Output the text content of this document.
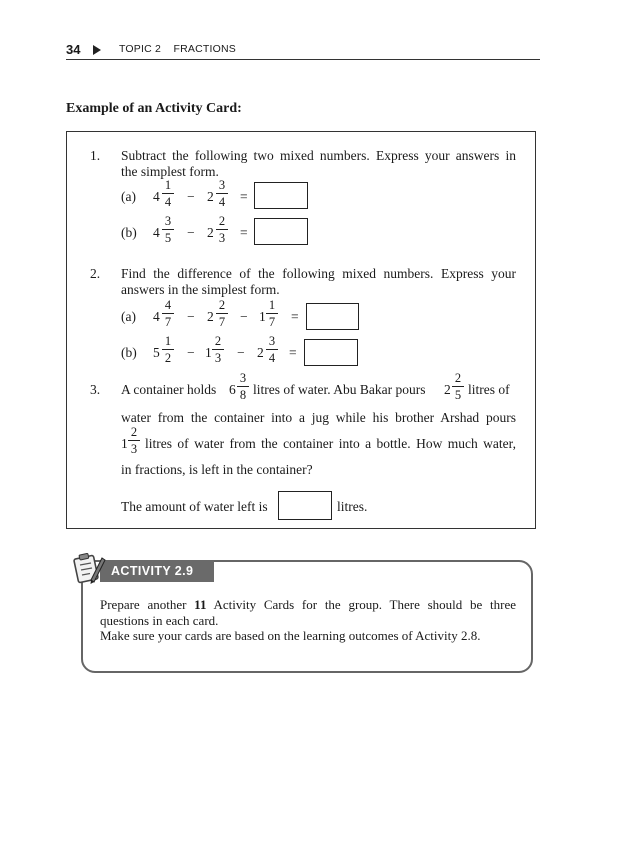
34	TOPIC 2    FRACTIONS
Example of an Activity Card:
1. Subtract the following two mixed numbers. Express your answers in
the simplest form.
(a) 4
1
4 − 2
3
4 =
(b) 4
3
5 − 2
2
3 =
2. Find the difference of the following mixed numbers. Express your
answers in the simplest form.
(a) 4
4
7 − 2
2
7 − 1
1
7 =
(b) 5
1
2 − 1
2
3 − 2
3
4 =
3. A container holds 6
3
8 litres of water. Abu Bakar pours 2
2
5 litres of
water from the container into a jug while his brother Arshad pours
1
2
3 litres of water from the container into a bottle. How much water,
in fractions, is left in the container?
The amount of water left is	litres.
ACTIVITY 2.9
Prepare another 11 Activity Cards for the group. There should be three questions in each card.
Make sure your cards are based on the learning outcomes of Activity 2.8.
